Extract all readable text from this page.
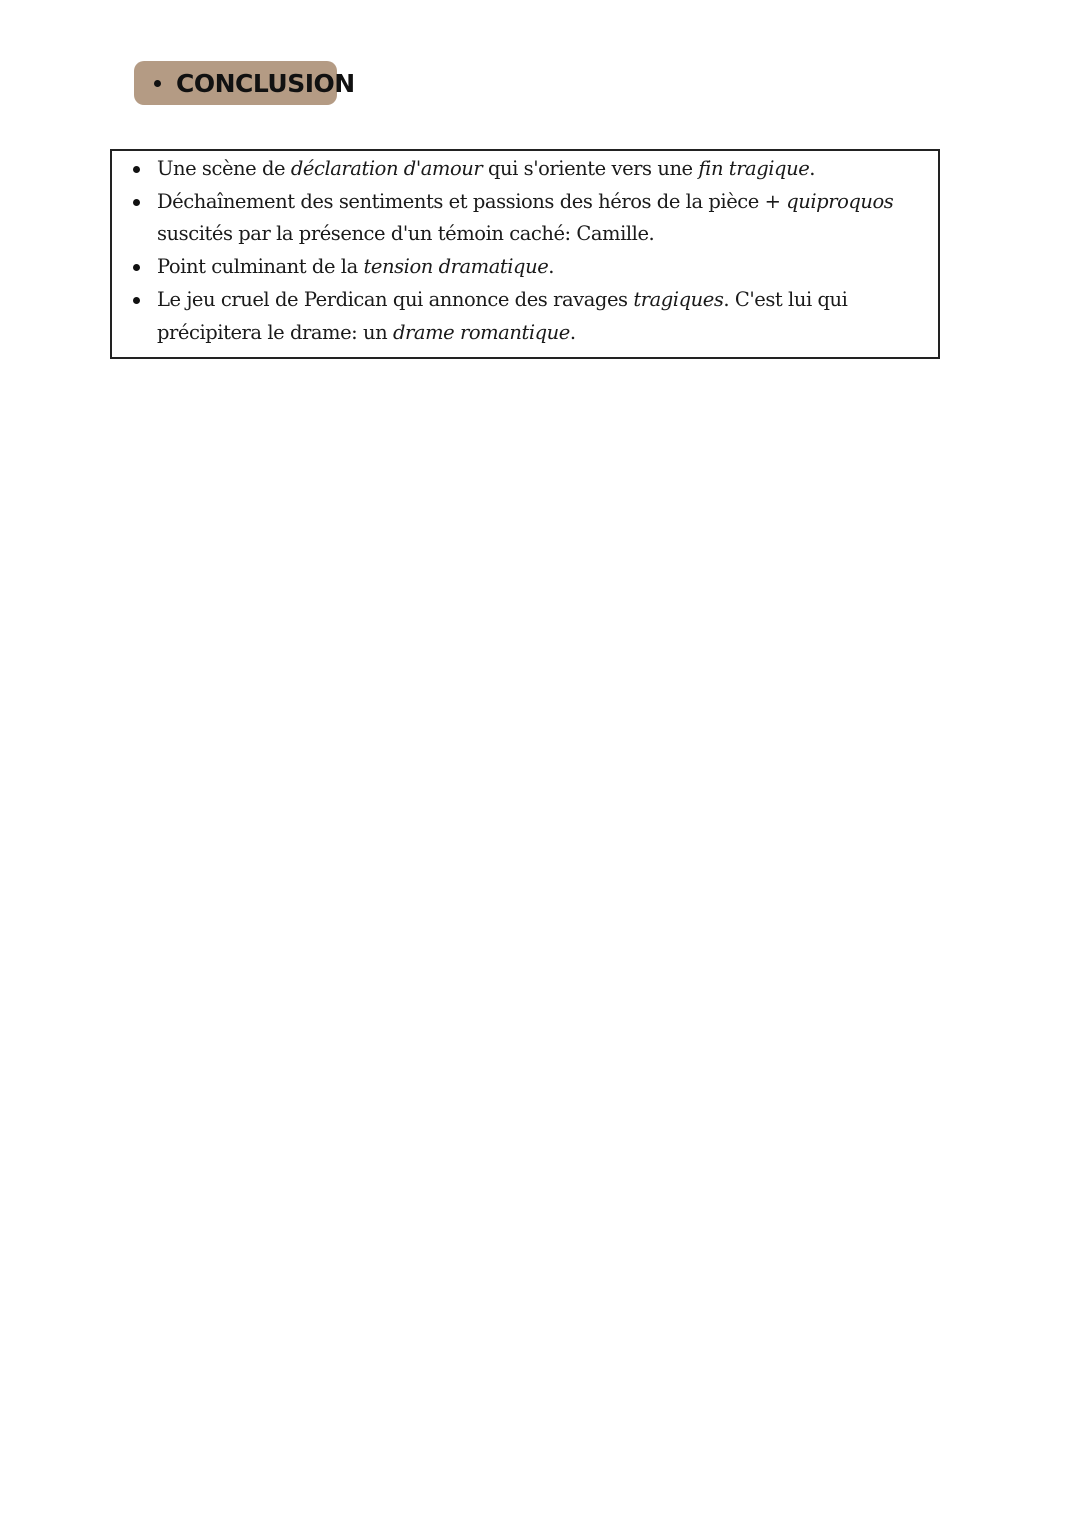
CONCLUSION
Une scène de déclaration d'amour qui s'oriente vers une fin tragique.
Déchaînement des sentiments et passions des héros de la pièce + quiproquos
suscités par la présence d'un témoin caché: Camille.
Point culminant de la tension dramatique.
Le jeu cruel de Perdican qui annonce des ravages tragiques. C'est lui qui
précipitera le drame: un drame romantique.
